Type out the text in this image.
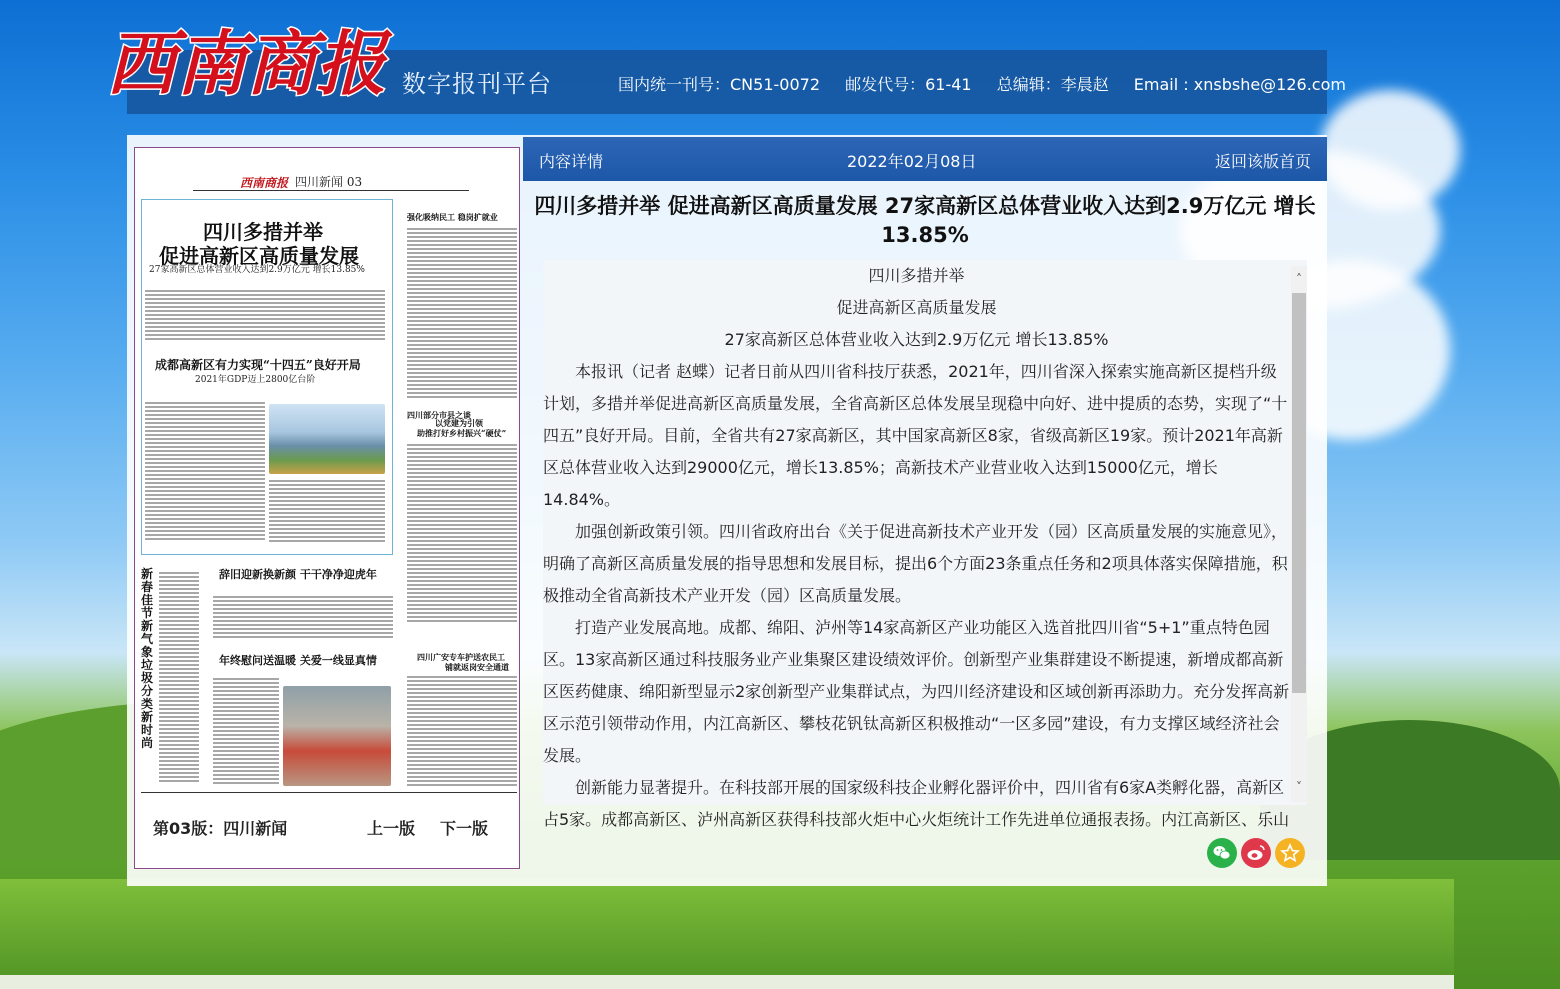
西南商报 数字报刊平台	国内统一刊号：CN51-0072 邮发代号：61-41 总编辑：李晨赵 Email : xnsbshe@126.com
西南商报 四川新闻 03
四川多措并举
促进高新区高质量发展
27家高新区总体营业收入达到2.9万亿元 增长13.85%
成都高新区有力实现“十四五”良好开局
2021年GDP迈上2800亿台阶
强化吸纳民工 稳岗扩就业
四川部分市县之谈
以党建为引领
助推打好乡村振兴“硬仗”
新春佳节新气象 垃圾分类新时尚
辞旧迎新换新颜 干干净净迎虎年
年终慰问送温暖 关爱一线显真情	四川广安专车护送农民工
铺就返岗安全通道
第03版：四川新闻	上一版 下一版
内容详情	2022年02月08日	返回该版首页
四川多措并举 促进高新区高质量发展 27家高新区总体营业收入达到2.9万亿元 增长13.85%
四川多措并举
促进高新区高质量发展
27家高新区总体营业收入达到2.9万亿元 增长13.85%

本报讯（记者 赵蝶）记者日前从四川省科技厅获悉，2021年，四川省深入探索实施高新区提档升级计划，多措并举促进高新区高质量发展，全省高新区总体发展呈现稳中向好、进中提质的态势，实现了“十四五”良好开局。目前，全省共有27家高新区，其中国家高新区8家，省级高新区19家。预计2021年高新区总体营业收入达到29000亿元，增长13.85%；高新技术产业营业收入达到15000亿元，增长14.84%。

加强创新政策引领。四川省政府出台《关于促进高新技术产业开发（园）区高质量发展的实施意见》，明确了高新区高质量发展的指导思想和发展目标，提出6个方面23条重点任务和2项具体落实保障措施，积极推动全省高新技术产业开发（园）区高质量发展。

打造产业发展高地。成都、绵阳、泸州等14家高新区产业功能区入选首批四川省“5+1”重点特色园区。13家高新区通过科技服务业产业集聚区建设绩效评价。创新型产业集群建设不断提速，新增成都高新区医药健康、绵阳新型显示2家创新型产业集群试点，为四川经济建设和区域创新再添助力。充分发挥高新区示范引领带动作用，内江高新区、攀枝花钒钛高新区积极推动“一区多园”建设，有力支撑区域经济社会发展。

创新能力显著提升。在科技部开展的国家级科技企业孵化器评价中，四川省有6家A类孵化器，高新区占5家。成都高新区、泸州高新区获得科技部火炬中心火炬统计工作先进单位通报表扬。内江高新区、乐山

˄
˅
